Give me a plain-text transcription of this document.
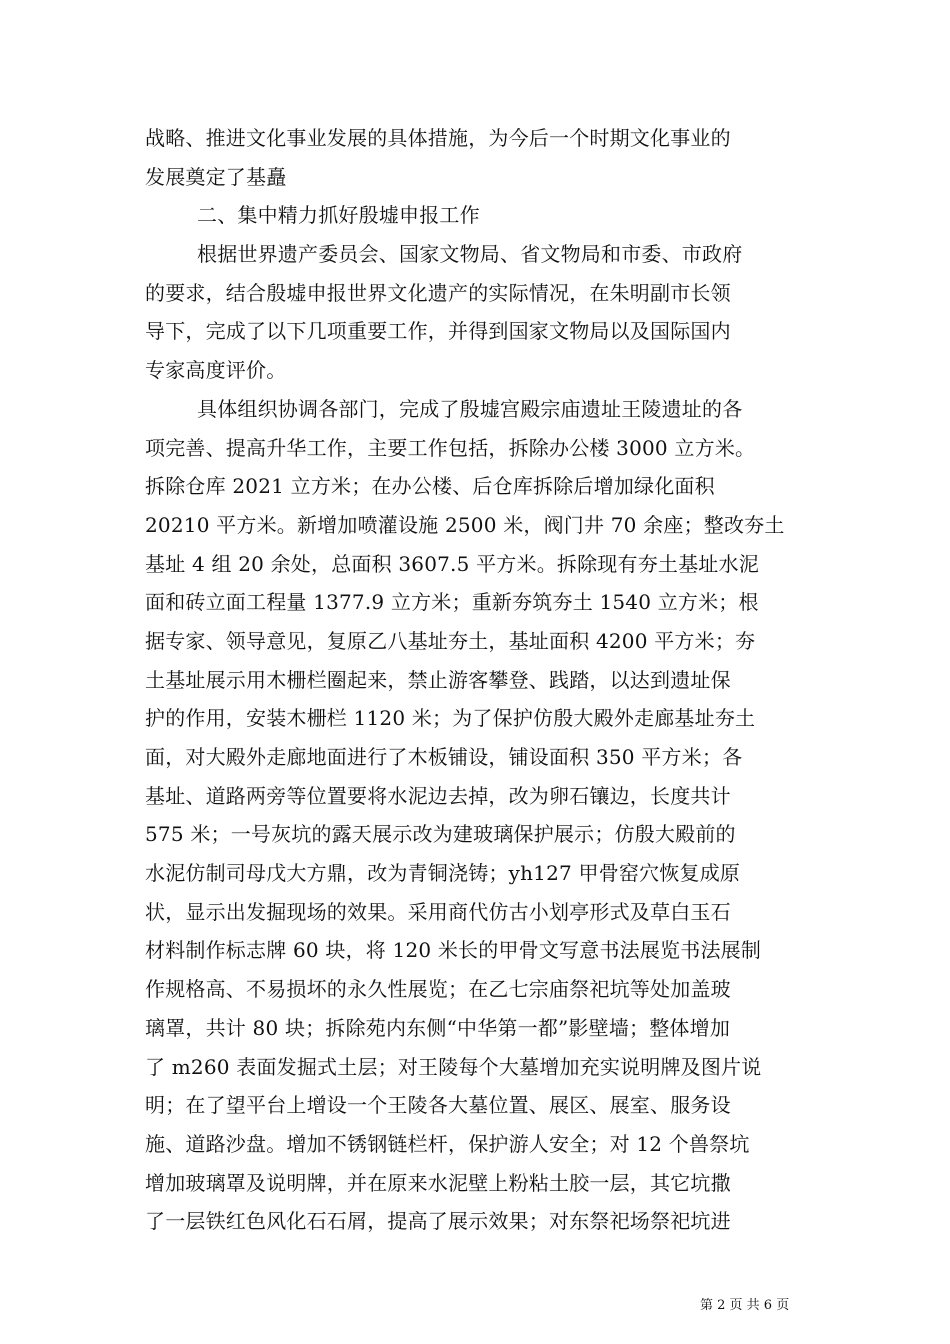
战略、推进文化事业发展的具体措施，为今后一个时期文化事业的
发展奠定了基矗
二、集中精力抓好殷墟申报工作
根据世界遗产委员会、国家文物局、省文物局和市委、市政府
的要求，结合殷墟申报世界文化遗产的实际情况，在朱明副市长领
导下，完成了以下几项重要工作，并得到国家文物局以及国际国内
专家高度评价。
具体组织协调各部门，完成了殷墟宫殿宗庙遗址王陵遗址的各
项完善、提高升华工作，主要工作包括，拆除办公楼 3000 立方米。
拆除仓库 2021 立方米；在办公楼、后仓库拆除后增加绿化面积
20210 平方米。新增加喷灌设施 2500 米，阀门井 70 余座；整改夯土
基址 4 组 20 余处，总面积 3607.5 平方米。拆除现有夯土基址水泥
面和砖立面工程量 1377.9 立方米；重新夯筑夯土 1540 立方米；根
据专家、领导意见，复原乙八基址夯土，基址面积 4200 平方米；夯
土基址展示用木栅栏圈起来，禁止游客攀登、践踏，以达到遗址保
护的作用，安装木栅栏 1120 米；为了保护仿殷大殿外走廊基址夯土
面，对大殿外走廊地面进行了木板铺设，铺设面积 350 平方米；各
基址、道路两旁等位置要将水泥边去掉，改为卵石镶边，长度共计
575 米；一号灰坑的露天展示改为建玻璃保护展示；仿殷大殿前的
水泥仿制司母戊大方鼎，改为青铜浇铸；yh127 甲骨窑穴恢复成原
状，显示出发掘现场的效果。采用商代仿古小划亭形式及草白玉石
材料制作标志牌 60 块，将 120 米长的甲骨文写意书法展览书法展制
作规格高、不易损坏的永久性展览；在乙七宗庙祭祀坑等处加盖玻
璃罩，共计 80 块；拆除苑内东侧“中华第一都”影壁墙；整体增加
了 m260 表面发掘式土层；对王陵每个大墓增加充实说明牌及图片说
明；在了望平台上增设一个王陵各大墓位置、展区、展室、服务设
施、道路沙盘。增加不锈钢链栏杆，保护游人安全；对 12 个兽祭坑
增加玻璃罩及说明牌，并在原来水泥壁上粉粘土胶一层，其它坑撒
了一层铁红色风化石石屑，提高了展示效果；对东祭祀场祭祀坑进
第 2 页 共 6 页
